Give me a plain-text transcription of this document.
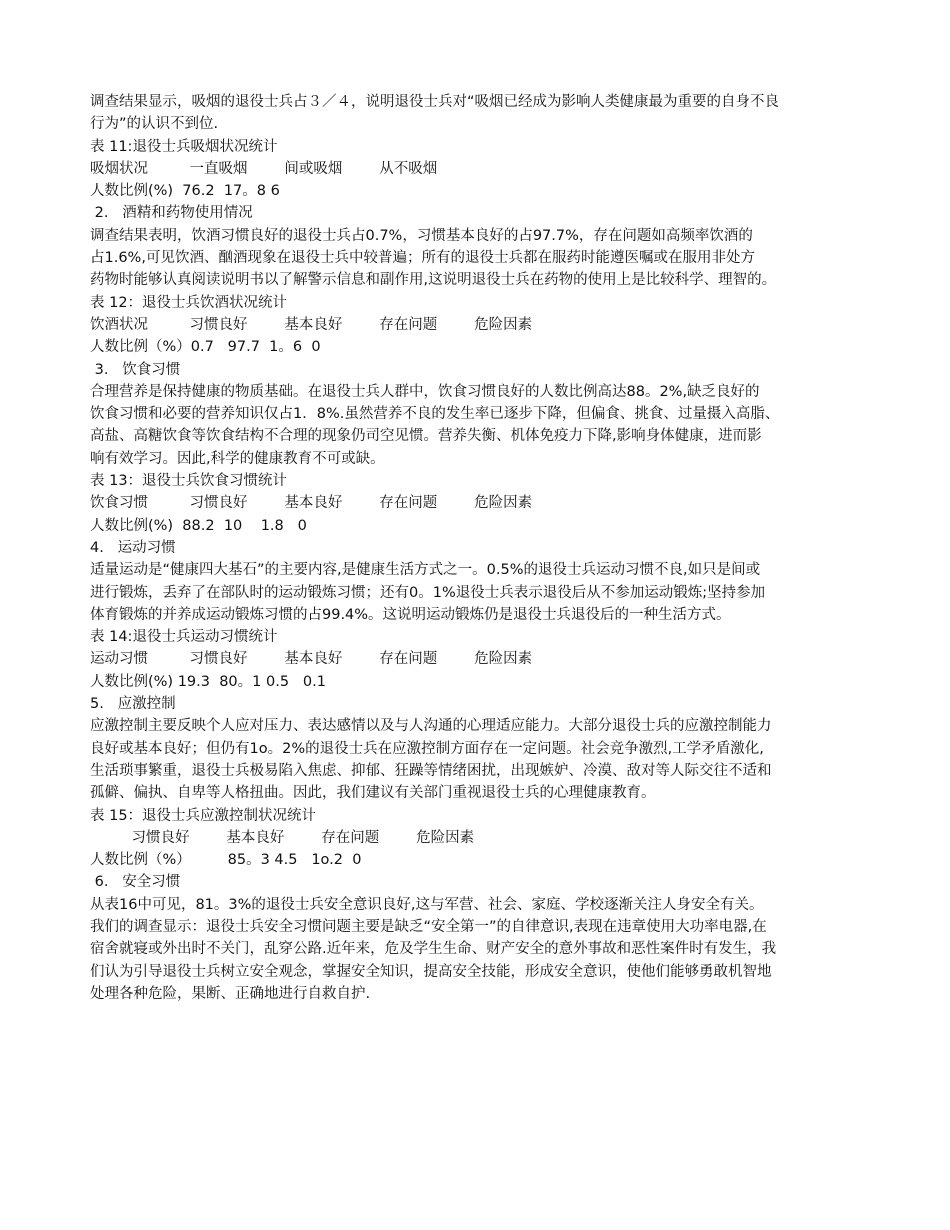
调查结果显示，吸烟的退役士兵占３／４，说明退役士兵对“吸烟已经成为影响人类健康最为重要的自身不良
行为”的认识不到位.
表 11:退役士兵吸烟状况统计
吸烟状况         一直吸烟        间或吸烟        从不吸烟
人数比例(%)  76.2  17。8 6
2.   酒精和药物使用情况
调查结果表明，饮酒习惯良好的退役士兵占0.7%，习惯基本良好的占97.7%，存在问题如高频率饮酒的
占1.6%,可见饮酒、酗酒现象在退役士兵中较普遍；所有的退役士兵都在服药时能遵医嘱或在服用非处方
药物时能够认真阅读说明书以了解警示信息和副作用,这说明退役士兵在药物的使用上是比较科学、理智的。
表 12：退役士兵饮酒状况统计
饮酒状况         习惯良好        基本良好        存在问题        危险因素
人数比例（%）0.7   97.7  1。6  0
3.   饮食习惯
合理营养是保持健康的物质基础。在退役士兵人群中，饮食习惯良好的人数比例高达88。2%,缺乏良好的
饮食习惯和必要的营养知识仅占1．8%.虽然营养不良的发生率已逐步下降，但偏食、挑食、过量摄入高脂、
高盐、高糖饮食等饮食结构不合理的现象仍司空见惯。营养失衡、机体免疫力下降,影响身体健康，进而影
响有效学习。因此,科学的健康教育不可或缺。
表 13：退役士兵饮食习惯统计
饮食习惯         习惯良好        基本良好        存在问题        危险因素
人数比例(%)  88.2  10    1.8   0
4.   运动习惯
适量运动是“健康四大基石”的主要内容,是健康生活方式之一。0.5%的退役士兵运动习惯不良,如只是间或
进行锻炼，丢弃了在部队时的运动锻炼习惯；还有0。1%退役士兵表示退役后从不参加运动锻炼;坚持参加
体育锻炼的并养成运动锻炼习惯的占99.4%。这说明运动锻炼仍是退役士兵退役后的一种生活方式。
表 14:退役士兵运动习惯统计
运动习惯         习惯良好        基本良好        存在问题        危险因素
人数比例(%) 19.3  80。1 0.5   0.1
5.   应激控制
应激控制主要反映个人应对压力、表达感情以及与人沟通的心理适应能力。大部分退役士兵的应激控制能力
良好或基本良好；但仍有1o。2%的退役士兵在应激控制方面存在一定问题。社会竞争激烈,工学矛盾激化,
生活琐事繁重，退役士兵极易陷入焦虑、抑郁、狂躁等情绪困扰，出现嫉妒、冷漠、敌对等人际交往不适和
孤僻、偏执、自卑等人格扭曲。因此，我们建议有关部门重视退役士兵的心理健康教育。
表 15：退役士兵应激控制状况统计
习惯良好        基本良好        存在问题        危险因素
人数比例（%）        85。3 4.5   1o.2  0
6.   安全习惯
从表16中可见，81。3%的退役士兵安全意识良好,这与军营、社会、家庭、学校逐渐关注人身安全有关。
我们的调查显示：退役士兵安全习惯问题主要是缺乏“安全第一”的自律意识,表现在违章使用大功率电器,在
宿舍就寝或外出时不关门，乱穿公路.近年来，危及学生生命、财产安全的意外事故和恶性案件时有发生，我
们认为引导退役士兵树立安全观念，掌握安全知识，提高安全技能，形成安全意识，使他们能够勇敢机智地
处理各种危险，果断、正确地进行自救自护.
